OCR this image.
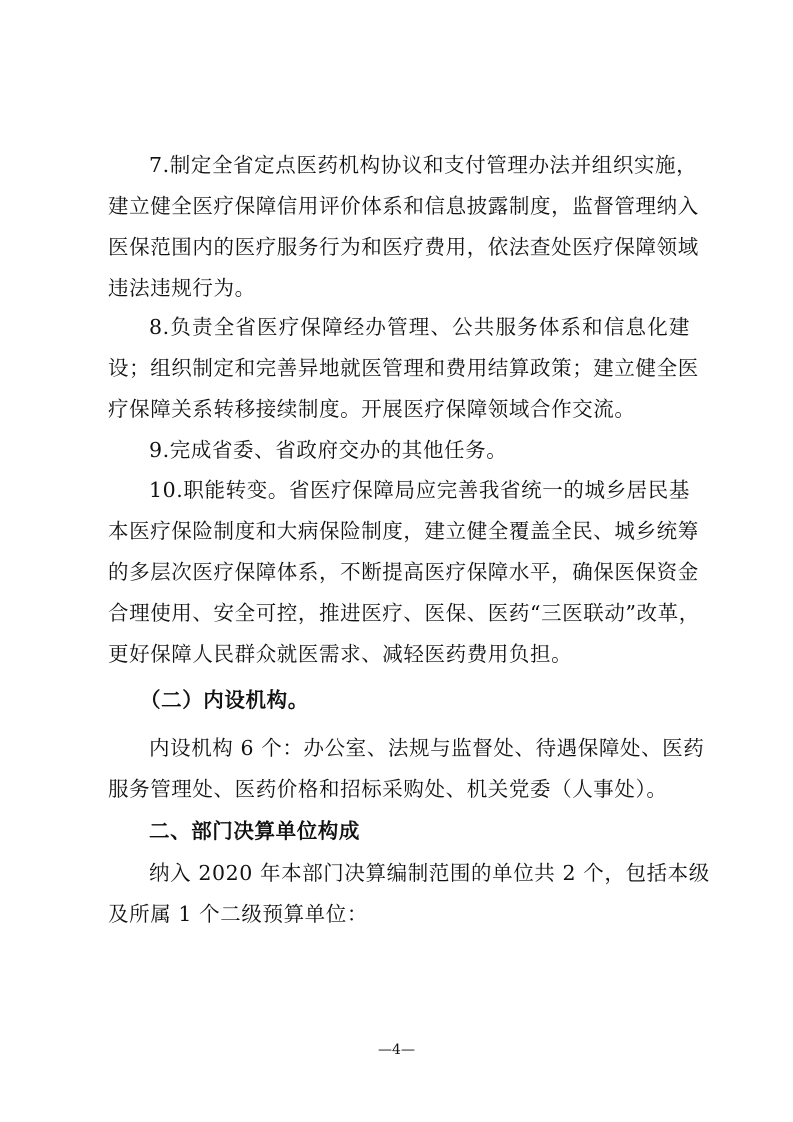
7.制定全省定点医药机构协议和支付管理办法并组织实施，
建立健全医疗保障信用评价体系和信息披露制度，监督管理纳入
医保范围内的医疗服务行为和医疗费用，依法查处医疗保障领域
违法违规行为。
8.负责全省医疗保障经办管理、公共服务体系和信息化建
设；组织制定和完善异地就医管理和费用结算政策；建立健全医
疗保障关系转移接续制度。开展医疗保障领域合作交流。
9.完成省委、省政府交办的其他任务。
10.职能转变。省医疗保障局应完善我省统一的城乡居民基
本医疗保险制度和大病保险制度，建立健全覆盖全民、城乡统筹
的多层次医疗保障体系，不断提高医疗保障水平，确保医保资金
合理使用、安全可控，推进医疗、医保、医药“三医联动”改革，
更好保障人民群众就医需求、减轻医药费用负担。
（二）内设机构。
内设机构 6 个：办公室、法规与监督处、待遇保障处、医药
服务管理处、医药价格和招标采购处、机关党委（人事处）。
二、部门决算单位构成
纳入 2020 年本部门决算编制范围的单位共 2 个，包括本级
及所属 1 个二级预算单位：
—4—
